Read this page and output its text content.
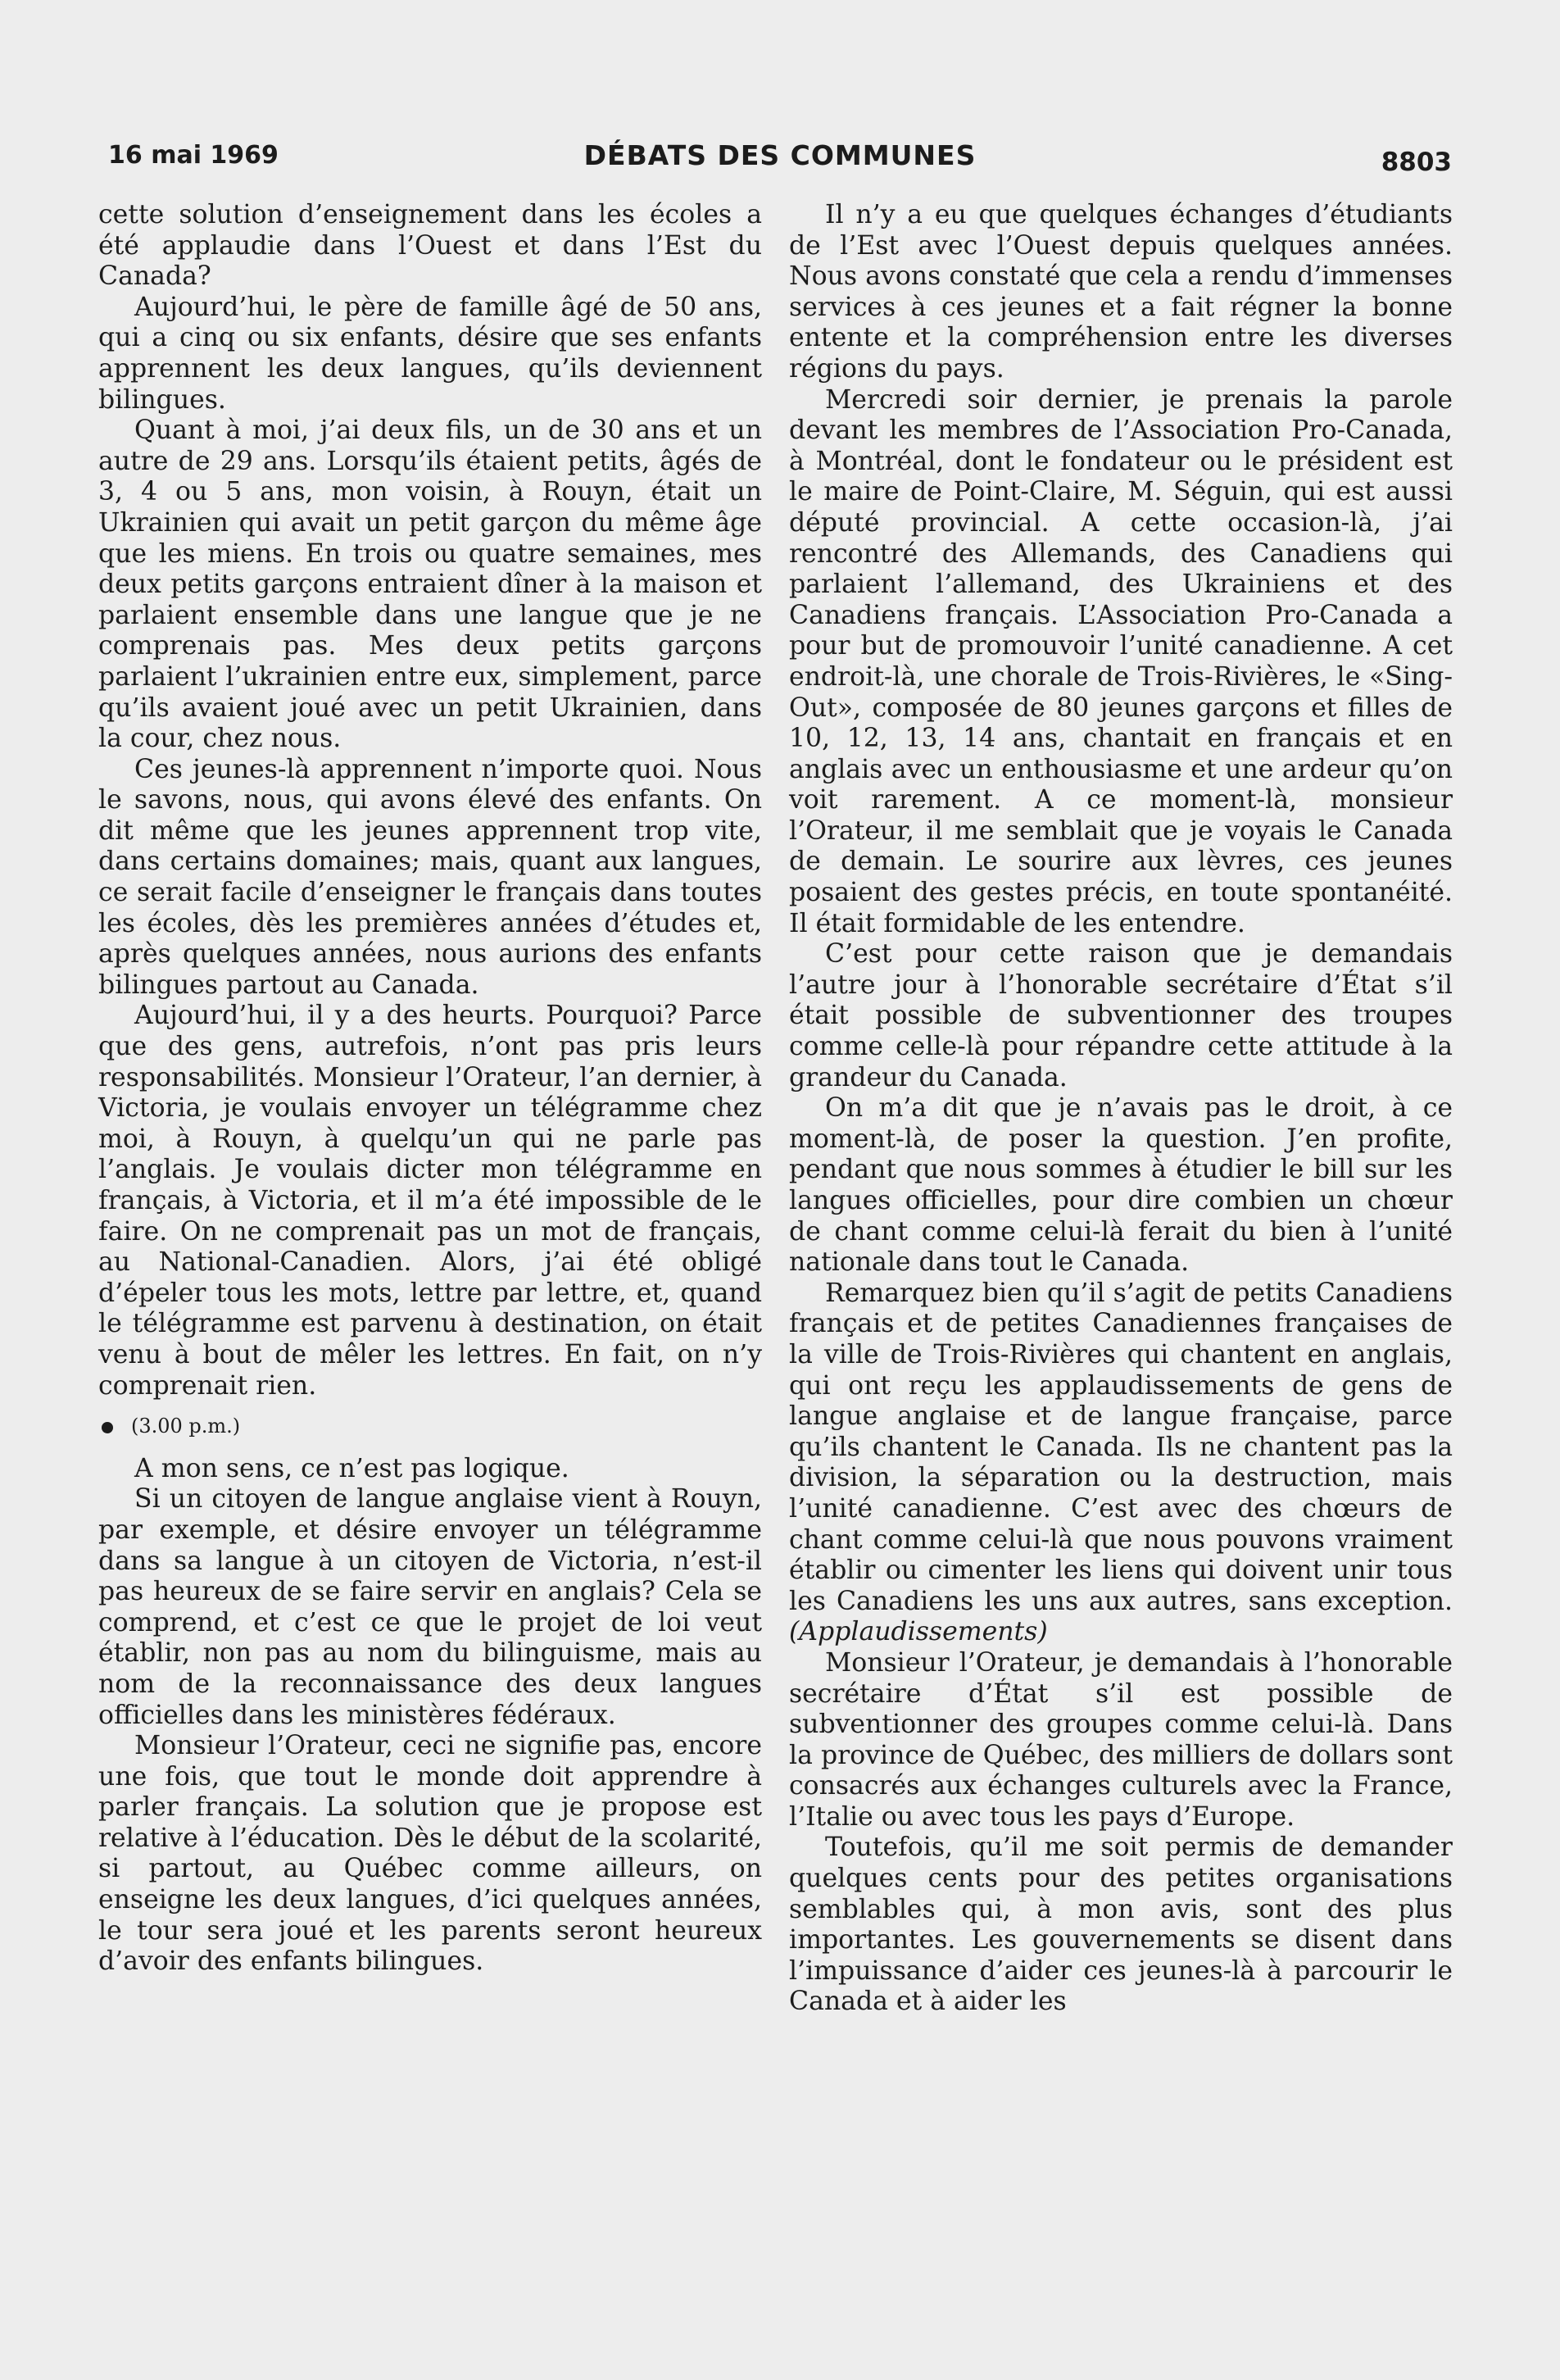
16 mai 1969	DÉBATS DES COMMUNES	8803

cette solution d’enseignement dans les écoles a été applaudie dans l’Ouest et dans l’Est du Canada?

Aujourd’hui, le père de famille âgé de 50 ans, qui a cinq ou six enfants, désire que ses enfants apprennent les deux langues, qu’ils deviennent bilingues.

Quant à moi, j’ai deux fils, un de 30 ans et un autre de 29 ans. Lorsqu’ils étaient petits, âgés de 3, 4 ou 5 ans, mon voisin, à Rouyn, était un Ukrainien qui avait un petit garçon du même âge que les miens. En trois ou quatre semaines, mes deux petits garçons entraient dîner à la maison et parlaient ensemble dans une langue que je ne comprenais pas. Mes deux petits garçons parlaient l’ukrainien entre eux, simplement, parce qu’ils avaient joué avec un petit Ukrainien, dans la cour, chez nous.

Ces jeunes-là apprennent n’importe quoi. Nous le savons, nous, qui avons élevé des enfants. On dit même que les jeunes apprennent trop vite, dans certains domaines; mais, quant aux langues, ce serait facile d’enseigner le français dans toutes les écoles, dès les premières années d’études et, après quelques années, nous aurions des enfants bilingues partout au Canada.

Aujourd’hui, il y a des heurts. Pourquoi? Parce que des gens, autrefois, n’ont pas pris leurs responsabilités. Monsieur l’Orateur, l’an dernier, à Victoria, je voulais envoyer un télégramme chez moi, à Rouyn, à quelqu’un qui ne parle pas l’anglais. Je voulais dicter mon télégramme en français, à Victoria, et il m’a été impossible de le faire. On ne comprenait pas un mot de français, au National-Canadien. Alors, j’ai été obligé d’épeler tous les mots, lettre par lettre, et, quand le télégramme est parvenu à destination, on était venu à bout de mêler les lettres. En fait, on n’y comprenait rien.

(3.00 p.m.)

A mon sens, ce n’est pas logique.

Si un citoyen de langue anglaise vient à Rouyn, par exemple, et désire envoyer un télégramme dans sa langue à un citoyen de Victoria, n’est-il pas heureux de se faire servir en anglais? Cela se comprend, et c’est ce que le projet de loi veut établir, non pas au nom du bilinguisme, mais au nom de la reconnaissance des deux langues officielles dans les ministères fédéraux.

Monsieur l’Orateur, ceci ne signifie pas, encore une fois, que tout le monde doit apprendre à parler français. La solution que je propose est relative à l’éducation. Dès le début de la scolarité, si partout, au Québec comme ailleurs, on enseigne les deux langues, d’ici quelques années, le tour sera joué et les parents seront heureux d’avoir des enfants bilingues.

Il n’y a eu que quelques échanges d’étudiants de l’Est avec l’Ouest depuis quelques années. Nous avons constaté que cela a rendu d’immenses services à ces jeunes et a fait régner la bonne entente et la compréhension entre les diverses régions du pays.

Mercredi soir dernier, je prenais la parole devant les membres de l’Association Pro-Canada, à Montréal, dont le fondateur ou le président est le maire de Point-Claire, M. Séguin, qui est aussi député provincial. A cette occasion-là, j’ai rencontré des Allemands, des Canadiens qui parlaient l’allemand, des Ukrainiens et des Canadiens français. L’Association Pro-Canada a pour but de promouvoir l’unité canadienne. A cet endroit-là, une chorale de Trois-Rivières, le «Sing-Out», composée de 80 jeunes garçons et filles de 10, 12, 13, 14 ans, chantait en français et en anglais avec un enthousiasme et une ardeur qu’on voit rarement. A ce moment-là, monsieur l’Orateur, il me semblait que je voyais le Canada de demain. Le sourire aux lèvres, ces jeunes posaient des gestes précis, en toute spontanéité. Il était formidable de les entendre.

C’est pour cette raison que je demandais l’autre jour à l’honorable secrétaire d’État s’il était possible de subventionner des troupes comme celle-là pour répandre cette attitude à la grandeur du Canada.

On m’a dit que je n’avais pas le droit, à ce moment-là, de poser la question. J’en profite, pendant que nous sommes à étudier le bill sur les langues officielles, pour dire combien un chœur de chant comme celui-là ferait du bien à l’unité nationale dans tout le Canada.

Remarquez bien qu’il s’agit de petits Canadiens français et de petites Canadiennes françaises de la ville de Trois-Rivières qui chantent en anglais, qui ont reçu les applaudissements de gens de langue anglaise et de langue française, parce qu’ils chantent le Canada. Ils ne chantent pas la division, la séparation ou la destruction, mais l’unité canadienne. C’est avec des chœurs de chant comme celui-là que nous pouvons vraiment établir ou cimenter les liens qui doivent unir tous les Canadiens les uns aux autres, sans exception. (Applaudissements)

Monsieur l’Orateur, je demandais à l’honorable secrétaire d’État s’il est possible de subventionner des groupes comme celui-là. Dans la province de Québec, des milliers de dollars sont consacrés aux échanges culturels avec la France, l’Italie ou avec tous les pays d’Europe.

Toutefois, qu’il me soit permis de demander quelques cents pour des petites organisations semblables qui, à mon avis, sont des plus importantes. Les gouvernements se disent dans l’impuissance d’aider ces jeunes-là à parcourir le Canada et à aider les
